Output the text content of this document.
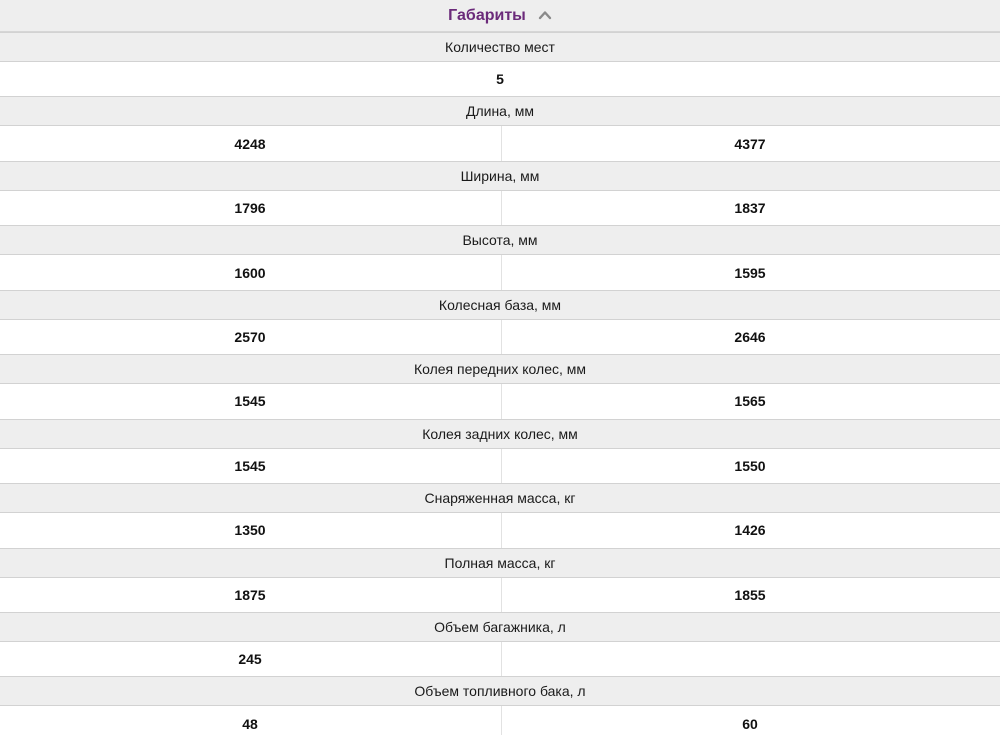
Габариты
Количество мест
5
Длина, мм
4248	4377
Ширина, мм
1796	1837
Высота, мм
1600	1595
Колесная база, мм
2570	2646
Колея передних колес, мм
1545	1565
Колея задних колес, мм
1545	1550
Снаряженная масса, кг
1350	1426
Полная масса, кг
1875	1855
Объем багажника, л
245
Объем топливного бака, л
48	60
